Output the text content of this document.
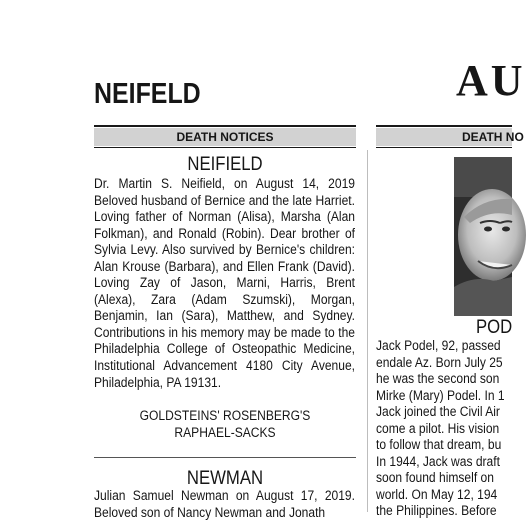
NEIFELD	AU
DEATH NOTICES
NEIFIELD

Dr. Martin S. Neifield, on August 14, 2019 Beloved husband of Bernice and the late Harriet. Loving father of Norman (Alisa), Marsha (Alan Folkman), and Ronald (Robin). Dear brother of Sylvia Levy. Also survived by Bernice's children: Alan Krouse (Barbara), and Ellen Frank (David). Loving Zay of Jason, Marni, Harris, Brent (Alexa), Zara (Adam Szumski), Morgan, Benjamin, Ian (Sara), Matthew, and Sydney. Contributions in his memory may be made to the Philadelphia College of Osteopathic Medicine, Institutional Advancement 4180 City Avenue, Philadelphia, PA 19131.

GOLDSTEINS' ROSENBERG'S
RAPHAEL-SACKS
NEWMAN

Julian Samuel Newman on August 17, 2019. Beloved son of Nancy Newman and Jonath

DEATH NO
POD
Jack Podel, 92, passed
endale Az. Born July 25
he was the second son
Mirke (Mary) Podel. In 1
Jack joined the Civil Air
come a pilot. His vision
to follow that dream, bu
In 1944, Jack was draft
soon found himself on
world. On May 12, 194
the Philippines. Before
